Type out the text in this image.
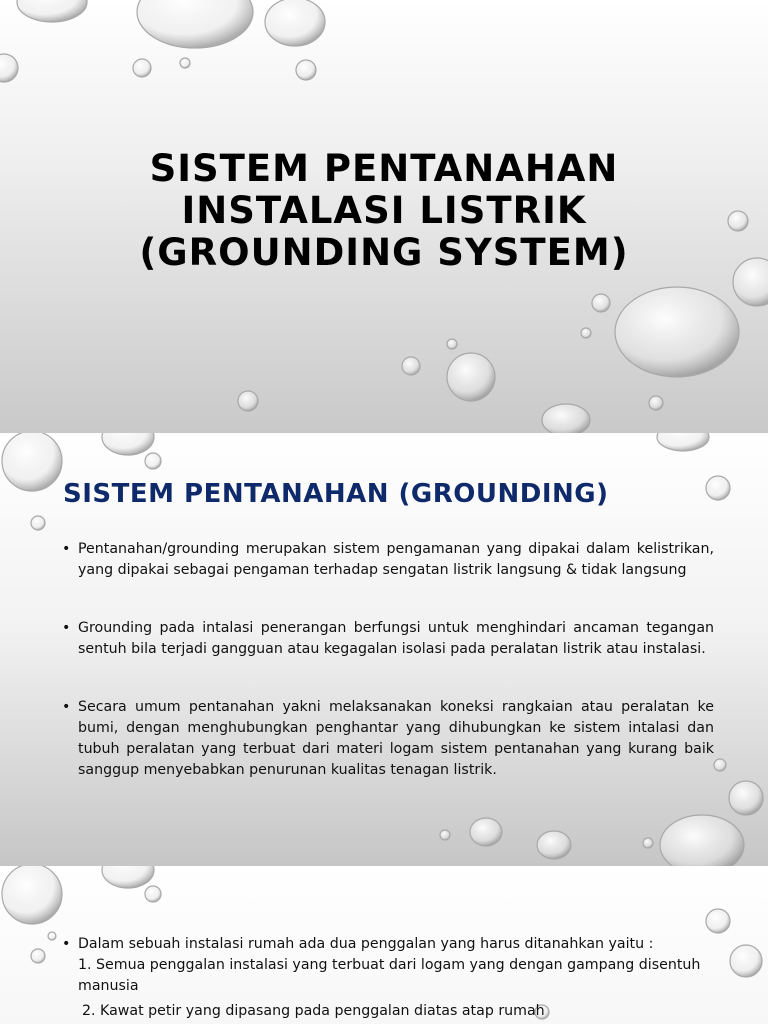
SISTEM PENTANAHAN
INSTALASI LISTRIK
(GROUNDING SYSTEM)
SISTEM PENTANAHAN (GROUNDING)
• Pentanahan/grounding merupakan sistem pengamanan yang dipakai dalam kelistrikan, yang dipakai sebagai pengaman terhadap sengatan listrik langsung & tidak langsung
• Grounding pada intalasi penerangan berfungsi untuk menghindari ancaman tegangan sentuh bila terjadi gangguan atau kegagalan isolasi pada peralatan listrik atau instalasi.
• Secara umum pentanahan yakni melaksanakan koneksi rangkaian atau peralatan ke bumi, dengan menghubungkan penghantar yang dihubungkan ke sistem intalasi dan tubuh peralatan yang terbuat dari materi logam sistem pentanahan yang kurang baik sanggup menyebabkan penurunan kualitas tenagan listrik.
• Dalam sebuah instalasi rumah ada dua penggalan yang harus ditanahkan yaitu :
1. Semua penggalan instalasi yang terbuat dari logam yang dengan gampang disentuh manusia
2. Kawat petir yang dipasang pada penggalan diatas atap rumah
